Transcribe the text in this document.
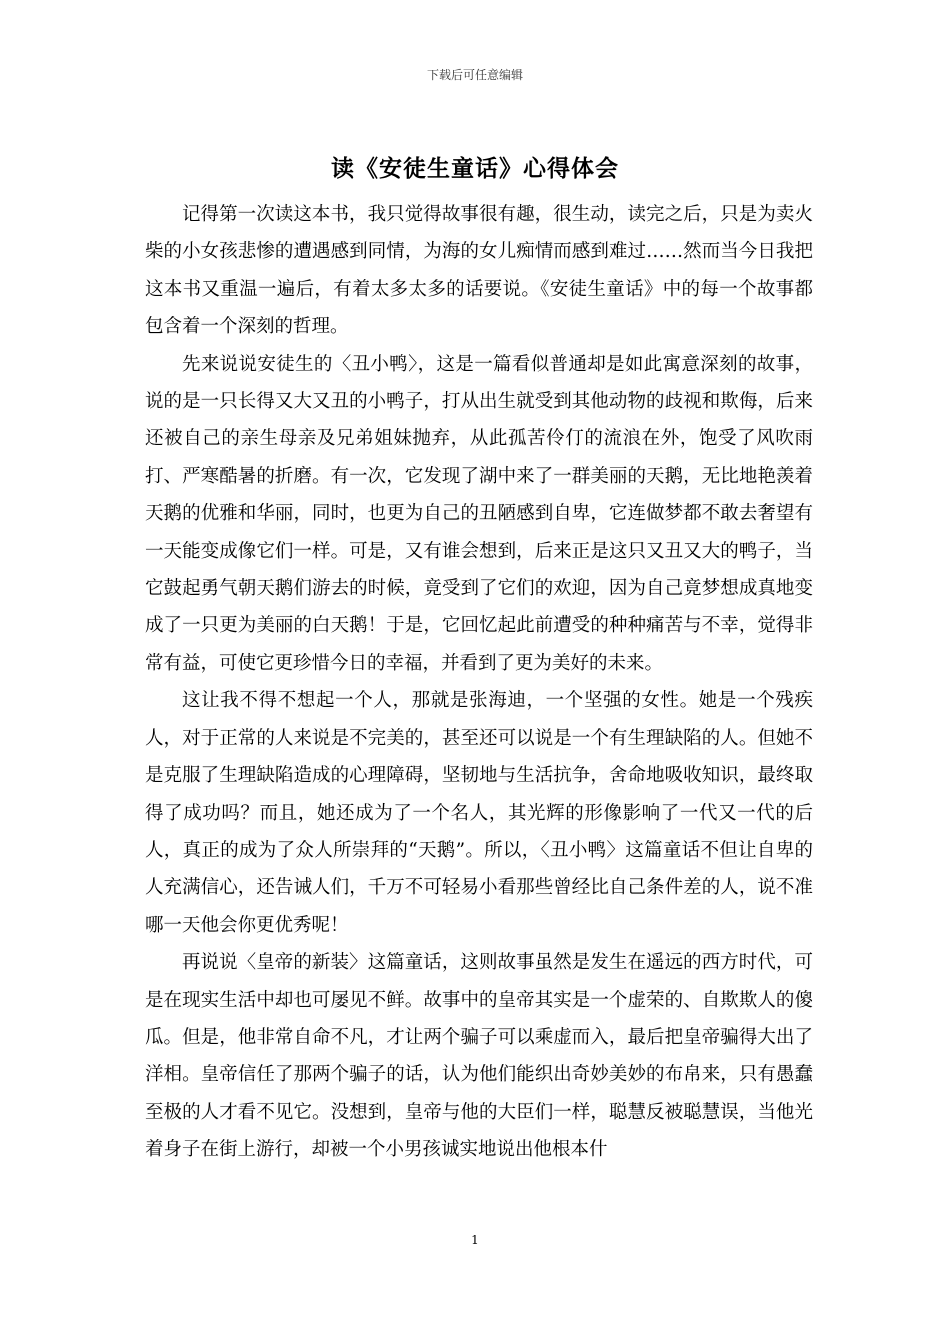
下载后可任意编辑
读《安徒生童话》心得体会

记得第一次读这本书，我只觉得故事很有趣，很生动，读完之后，只是为卖火柴的小女孩悲惨的遭遇感到同情，为海的女儿痴情而感到难过……然而当今日我把这本书又重温一遍后，有着太多太多的话要说。《安徒生童话》中的每一个故事都包含着一个深刻的哲理。

先来说说安徒生的〈丑小鸭〉，这是一篇看似普通却是如此寓意深刻的故事，说的是一只长得又大又丑的小鸭子，打从出生就受到其他动物的歧视和欺侮，后来还被自己的亲生母亲及兄弟姐妹抛弃，从此孤苦伶仃的流浪在外，饱受了风吹雨打、严寒酷暑的折磨。有一次，它发现了湖中来了一群美丽的天鹅，无比地艳羡着天鹅的优雅和华丽，同时，也更为自己的丑陋感到自卑，它连做梦都不敢去奢望有一天能变成像它们一样。可是，又有谁会想到，后来正是这只又丑又大的鸭子，当它鼓起勇气朝天鹅们游去的时候，竟受到了它们的欢迎，因为自己竟梦想成真地变成了一只更为美丽的白天鹅！于是，它回忆起此前遭受的种种痛苦与不幸，觉得非常有益，可使它更珍惜今日的幸福，并看到了更为美好的未来。

这让我不得不想起一个人，那就是张海迪，一个坚强的女性。她是一个残疾人，对于正常的人来说是不完美的，甚至还可以说是一个有生理缺陷的人。但她不是克服了生理缺陷造成的心理障碍，坚韧地与生活抗争，舍命地吸收知识，最终取得了成功吗？而且，她还成为了一个名人，其光辉的形像影响了一代又一代的后人，真正的成为了众人所崇拜的“天鹅”。所以，〈丑小鸭〉这篇童话不但让自卑的人充满信心，还告诫人们，千万不可轻易小看那些曾经比自己条件差的人，说不准哪一天他会你更优秀呢！

再说说〈皇帝的新装〉这篇童话，这则故事虽然是发生在遥远的西方时代，可是在现实生活中却也可屡见不鲜。故事中的皇帝其实是一个虚荣的、自欺欺人的傻瓜。但是，他非常自命不凡，才让两个骗子可以乘虚而入，最后把皇帝骗得大出了洋相。皇帝信任了那两个骗子的话，认为他们能织出奇妙美妙的布帛来，只有愚蠢至极的人才看不见它。没想到，皇帝与他的大臣们一样，聪慧反被聪慧误，当他光着身子在街上游行，却被一个小男孩诚实地说出他根本什

1
